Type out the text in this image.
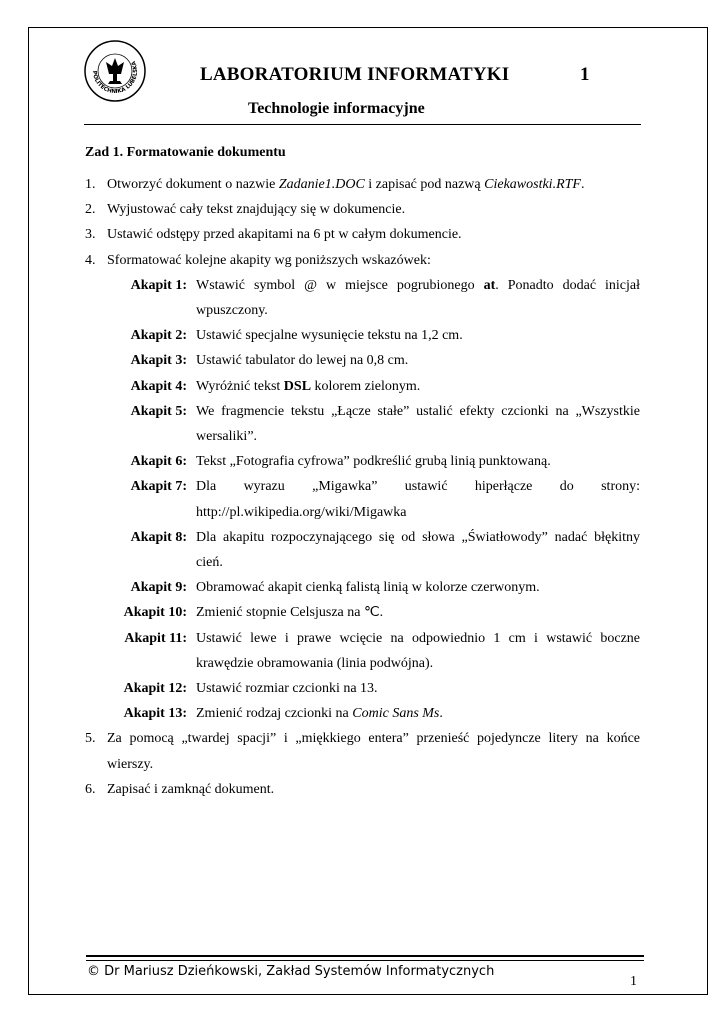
POLITECHNIKA LUBELSKA
LABORATORIUM INFORMATYKI	1
Technologie informacyjne
Zad 1. Formatowanie dokumentu
1. Otworzyć dokument o nazwie Zadanie1.DOC i zapisać pod nazwą Ciekawostki.RTF.
2. Wyjustować cały tekst znajdujący się w dokumencie.
3. Ustawić odstępy przed akapitami na 6 pt w całym dokumencie.
4. Sformatować kolejne akapity wg poniższych wskazówek:
Akapit 1: Wstawić symbol @ w miejsce pogrubionego at. Ponadto dodać inicjał wpuszczony.
Akapit 2: Ustawić specjalne wysunięcie tekstu na 1,2 cm.
Akapit 3: Ustawić tabulator do lewej na 0,8 cm.
Akapit 4: Wyróżnić tekst DSL kolorem zielonym.
Akapit 5: We fragmencie tekstu „Łącze stałe” ustalić efekty czcionki na „Wszystkie wersaliki”.
Akapit 6: Tekst „Fotografia cyfrowa” podkreślić grubą linią punktowaną.
Akapit 7: Dla wyrazu „Migawka” ustawić hiperłącze do strony: http://pl.wikipedia.org/wiki/Migawka
Akapit 8: Dla akapitu rozpoczynającego się od słowa „Światłowody” nadać błękitny cień.
Akapit 9: Obramować akapit cienką falistą linią w kolorze czerwonym.
Akapit 10: Zmienić stopnie Celsjusza na ℃.
Akapit 11: Ustawić lewe i prawe wcięcie na odpowiednio 1 cm i wstawić boczne krawędzie obramowania (linia podwójna).
Akapit 12: Ustawić rozmiar czcionki na 13.
Akapit 13: Zmienić rodzaj czcionki na Comic Sans Ms.
5. Za pomocą „twardej spacji” i „miękkiego entera” przenieść pojedyncze litery na końce wierszy.
6. Zapisać i zamknąć dokument.
© Dr Mariusz Dzieńkowski, Zakład Systemów Informatycznych
1
